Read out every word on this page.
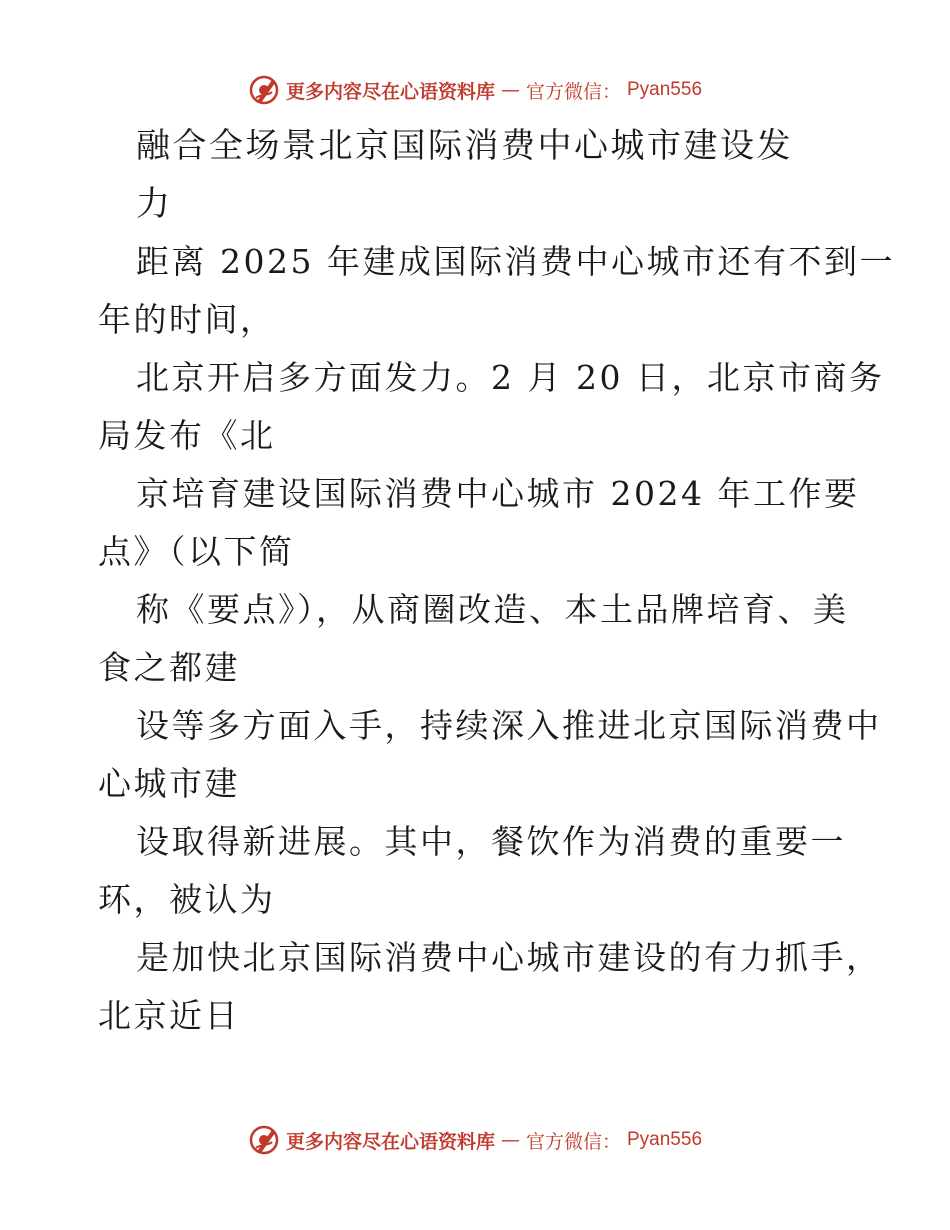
更多内容尽在心语资料库 — 官方微信： Pyan556
融合全场景北京国际消费中心城市建设发
力
距离 2025 年建成国际消费中心城市还有不到一
年的时间，
北京开启多方面发力。2 月 20 日，北京市商务
局发布《北
京培育建设国际消费中心城市 2024 年工作要
点》（以下简
称《要点》），从商圈改造、本土品牌培育、美
食之都建
设等多方面入手，持续深入推进北京国际消费中
心城市建
设取得新进展。其中，餐饮作为消费的重要一
环，被认为
是加快北京国际消费中心城市建设的有力抓手，
北京近日
更多内容尽在心语资料库 — 官方微信： Pyan556
